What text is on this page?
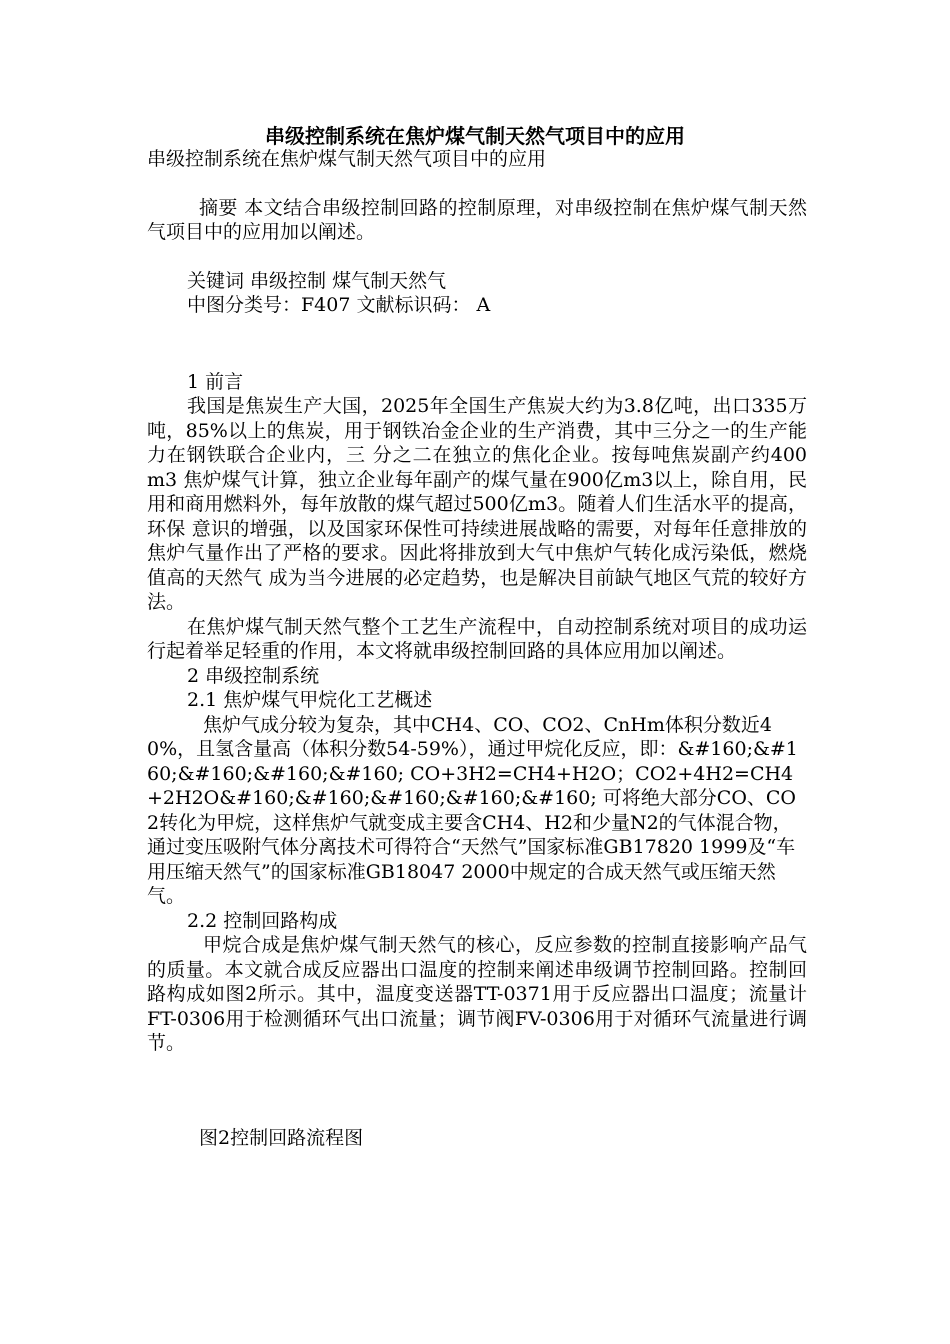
串级控制系统在焦炉煤气制天然气项目中的应用

串级控制系统在焦炉煤气制天然气项目中的应用

摘要 本文结合串级控制回路的控制原理，对串级控制在焦炉煤气制天然气项目中的应用加以阐述。

关键词 串级控制 煤气制天然气

中图分类号：F407 文献标识码： A

1 前言

我国是焦炭生产大国，2025年全国生产焦炭大约为3.8亿吨，出口335万吨，85%以上的焦炭，用于钢铁冶金企业的生产消费，其中三分之一的生产能力在钢铁联合企业内，三 分之二在独立的焦化企业。按每吨焦炭副产约400 m3 焦炉煤气计算，独立企业每年副产的煤气量在900亿m3以上，除自用，民用和商用燃料外，每年放散的煤气超过500亿m3。随着人们生活水平的提高，环保 意识的增强，以及国家环保性可持续进展战略的需要，对每年任意排放的焦炉气量作出了严格的要求。因此将排放到大气中焦炉气转化成污染低，燃烧值高的天然气 成为当今进展的必定趋势，也是解决目前缺气地区气荒的较好方法。

在焦炉煤气制天然气整个工艺生产流程中，自动控制系统对项目的成功运行起着举足轻重的作用，本文将就串级控制回路的具体应用加以阐述。

2 串级控制系统

2.1 焦炉煤气甲烷化工艺概述

焦炉气成分较为复杂，其中CH4、CO、CO2、CnHm体积分数近40%，且氢含量高（体积分数54-59%），通过甲烷化反应，即：&#160;&#160;&#160;&#160;&#160; CO+3H2=CH4+H2O；CO2+4H2=CH4+2H2O&#160;&#160;&#160;&#160;&#160; 可将绝大部分CO、CO2转化为甲烷，这样焦炉气就变成主要含CH4、H2和少量N2的气体混合物，通过变压吸附气体分离技术可得符合“天然气”国家标准GB17820 1999及“车用压缩天然气”的国家标准GB18047 2000中规定的合成天然气或压缩天然气。

2.2 控制回路构成

甲烷合成是焦炉煤气制天然气的核心，反应参数的控制直接影响产品气的质量。本文就合成反应器出口温度的控制来阐述串级调节控制回路。控制回路构成如图2所示。其中，温度变送器TT-0371用于反应器出口温度；流量计FT-0306用于检测循环气出口流量；调节阀FV-0306用于对循环气流量进行调节。

图2控制回路流程图
